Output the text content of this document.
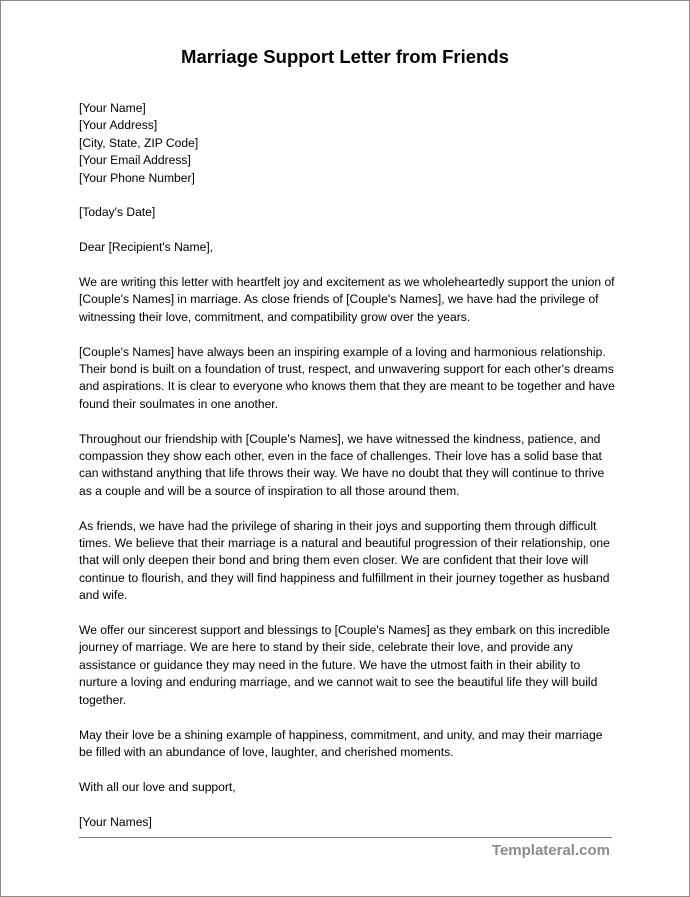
Marriage Support Letter from Friends

[Your Name]
[Your Address]
[City, State, ZIP Code]
[Your Email Address]
[Your Phone Number]

[Today's Date]

Dear [Recipient's Name],

We are writing this letter with heartfelt joy and excitement as we wholeheartedly support the union of [Couple's Names] in marriage. As close friends of [Couple's Names], we have had the privilege of witnessing their love, commitment, and compatibility grow over the years.

[Couple's Names] have always been an inspiring example of a loving and harmonious relationship. Their bond is built on a foundation of trust, respect, and unwavering support for each other's dreams and aspirations. It is clear to everyone who knows them that they are meant to be together and have found their soulmates in one another.

Throughout our friendship with [Couple's Names], we have witnessed the kindness, patience, and compassion they show each other, even in the face of challenges. Their love has a solid base that can withstand anything that life throws their way. We have no doubt that they will continue to thrive as a couple and will be a source of inspiration to all those around them.

As friends, we have had the privilege of sharing in their joys and supporting them through difficult times. We believe that their marriage is a natural and beautiful progression of their relationship, one that will only deepen their bond and bring them even closer. We are confident that their love will continue to flourish, and they will find happiness and fulfillment in their journey together as husband and wife.

We offer our sincerest support and blessings to [Couple's Names] as they embark on this incredible journey of marriage. We are here to stand by their side, celebrate their love, and provide any assistance or guidance they may need in the future. We have the utmost faith in their ability to nurture a loving and enduring marriage, and we cannot wait to see the beautiful life they will build together.

May their love be a shining example of happiness, commitment, and unity, and may their marriage be filled with an abundance of love, laughter, and cherished moments.

With all our love and support,

[Your Names]

Templateral.com
